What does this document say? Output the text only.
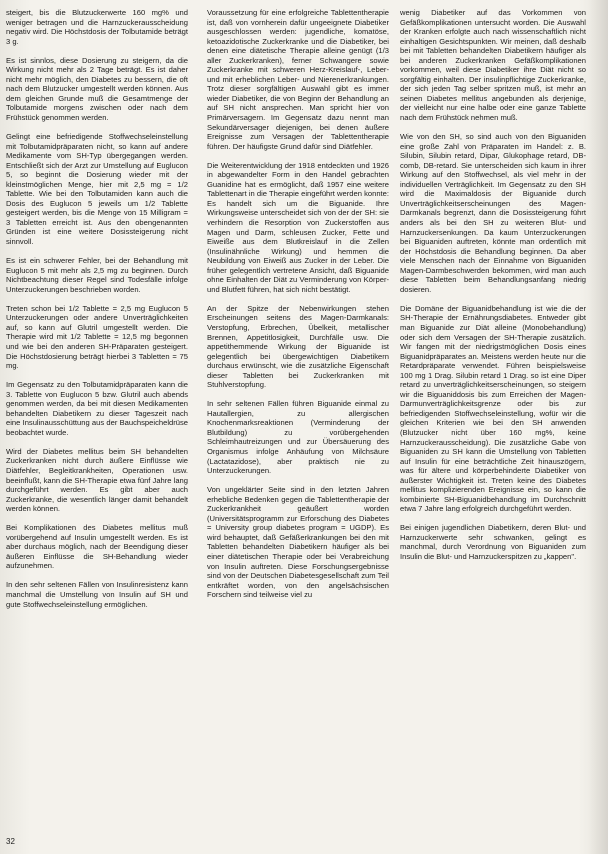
steigert, bis die Blutzuckerwerte 160 mg% und weniger betragen und die Harnzuckerausscheidung negativ wird. Die Höchstdosis der Tolbutamide beträgt 3 g.

Es ist sinnlos, diese Dosierung zu steigern, da die Wirkung nicht mehr als 2 Tage beträgt. Es ist daher nicht mehr möglich, den Diabetes zu bessern, die oft nach dem Blutzucker umgestellt werden können. Aus dem gleichen Grunde muß die Gesamtmenge der Tolbutamide morgens zwischen oder nach dem Frühstück genommen werden.

Gelingt eine befriedigende Stoffwechseleinstellung mit Tolbutamidpräparaten nicht, so kann auf andere Medikamente vom SH-Typ übergegangen werden. Entschließt sich der Arzt zur Umstellung auf Euglucon 5, so beginnt die Dosierung wieder mit der kleinstmöglichen Menge, hier mit 2,5 mg = 1/2 Tablette. Wie bei den Tolbutamiden kann auch die Dosis des Euglucon 5 jeweils um 1/2 Tablette gesteigert werden, bis die Menge von 15 Milligram = 3 Tabletten erreicht ist. Aus den obengenannten Gründen ist eine weitere Dosissteigerung nicht sinnvoll.

Es ist ein schwerer Fehler, bei der Behandlung mit Euglucon 5 mit mehr als 2,5 mg zu beginnen. Durch Nichtbeachtung dieser Regel sind Todesfälle infolge Unterzuckerungen beschrieben worden.

Treten schon bei 1/2 Tablette = 2,5 mg Euglucon 5 Unterzuckerungen oder andere Unverträglichkeiten auf, so kann auf Glutril umgestellt werden. Die Therapie wird mit 1/2 Tablette = 12,5 mg begonnen und wie bei den anderen SH-Präparaten gesteigert. Die Höchstdosierung beträgt hierbei 3 Tabletten = 75 mg.

Im Gegensatz zu den Tolbutamidpräparaten kann die 3. Tablette von Euglucon 5 bzw. Glutril auch abends genommen werden, da bei mit diesen Medikamenten behandelten Diabetikern zu dieser Tageszeit nach eine Insulinausschüttung aus der Bauchspeicheldrüse beobachtet wurde.

Wird der Diabetes mellitus beim SH behandelten Zuckerkranken nicht durch äußere Einflüsse wie Diätfehler, Begleitkrankheiten, Operationen usw. beeinflußt, kann die SH-Therapie etwa fünf Jahre lang durchgeführt werden. Es gibt aber auch Zuckerkranke, die wesentlich länger damit behandelt werden können.

Bei Komplikationen des Diabetes mellitus muß vorübergehend auf Insulin umgestellt werden. Es ist aber durchaus möglich, nach der Beendigung dieser äußeren Einflüsse die SH-Behandlung wieder aufzunehmen.

In den sehr seltenen Fällen von Insulinresistenz kann manchmal die Umstellung von Insulin auf SH und gute Stoffwechseleinstellung ermöglichen.

Voraussetzung für eine erfolgreiche Tablettentherapie ist, daß von vornherein dafür ungeeignete Diabetiker ausgeschlossen werden: jugendliche, komatöse, ketoazidotische Zuckerkranke und die Diabetiker, bei denen eine diätetische Therapie alleine genügt (1/3 aller Zuckerkranken), ferner Schwangere sowie Zuckerkranke mit schweren Herz-Kreislauf-, Leber- und mit erheblichen Leber- und Nierenerkrankungen. Trotz dieser sorgfältigen Auswahl gibt es immer wieder Diabetiker, die von Beginn der Behandlung an auf SH nicht ansprechen. Man spricht hier von Primärversagern. Im Gegensatz dazu nennt man Sekundärversager diejenigen, bei denen äußere Ereignisse zum Versagen der Tablettentherapie führen. Der häufigste Grund dafür sind Diätfehler.

Die Weiterentwicklung der 1918 entdeckten und 1926 in abgewandelter Form in den Handel gebrachten Guanidine hat es ermöglicht, daß 1957 eine weitere Tablettenart in die Therapie eingeführt werden konnte: Es handelt sich um die Biguanide. Ihre Wirkungsweise unterscheidet sich von der der SH: sie verhindern die Resorption von Zuckerstoffen aus Magen und Darm, schleusen Zucker, Fette und Eiweiße aus dem Blutkreislauf in die Zellen (Insulinähnliche Wirkung) und hemmen die Neubildung von Eiweiß aus Zucker in der Leber. Die früher gelegentlich vertretene Ansicht, daß Biguanide ohne Einhalten der Diät zu Verminderung von Körper- und Blutfett führen, hat sich nicht bestätigt.

An der Spitze der Nebenwirkungen stehen Erscheinungen seitens des Magen-Darmkanals: Verstopfung, Erbrechen, Übelkeit, metallischer Brennen, Appetitlosigkeit, Durchfälle usw. Die appetithemmende Wirkung der Biguanide ist gelegentlich bei übergewichtigen Diabetikern durchaus erwünscht, wie die zusätzliche Eigenschaft dieser Tabletten bei Zuckerkranken mit Stuhlverstopfung.

In sehr seltenen Fällen führen Biguanide einmal zu Hautallergien, zu allergischen Knochenmarksreaktionen (Verminderung der Blutbildung) zu vorübergehenden Schleimhautreizungen und zur Übersäuerung des Organismus infolge Anhäufung von Milchsäure (Lactatazidose), aber praktisch nie zu Unterzuckerungen.

Von ungeklärter Seite sind in den letzten Jahren erhebliche Bedenken gegen die Tablettentherapie der Zuckerkrankheit geäußert worden (Universitätsprogramm zur Erforschung des Diabetes = University group diabetes program = UGDP). Es wird behauptet, daß Gefäßerkrankungen bei den mit Tabletten behandelten Diabetikern häufiger als bei einer diätetischen Therapie oder bei Verabreichung von Insulin auftreten. Diese Forschungsergebnisse sind von der Deutschen Diabetesgesellschaft zum Teil entkräftet worden, von den angelsächsischen Forschern sind teilweise viel zu

wenig Diabetiker auf das Vorkommen von Gefäßkomplikationen untersucht worden. Die Auswahl der Kranken erfolgte auch nach wissenschaftlich nicht einhaltigen Gesichtspunkten. Wir meinen, daß deshalb bei mit Tabletten behandelten Diabetikern häufiger als bei anderen Zuckerkranken Gefäßkomplikationen vorkommen, weil diese Diabetiker ihre Diät nicht so sorgfältig einhalten. Der insulinpflichtige Zuckerkranke, der sich jeden Tag selber spritzen muß, ist mehr an seinen Diabetes mellitus angebunden als derjenige, der vielleicht nur eine halbe oder eine ganze Tablette nach dem Frühstück nehmen muß.

Wie von den SH, so sind auch von den Biguaniden eine große Zahl von Präparaten im Handel: z. B. Silubin, Silubin retard, Dipar, Glukophage retard, DB-comb, DB-retard. Sie unterscheiden sich kaum in ihrer Wirkung auf den Stoffwechsel, als viel mehr in der individuellen Verträglichkeit. Im Gegensatz zu den SH wird die Maximaldosis der Biguanide durch Unverträglichkeitserscheinungen des Magen-Darmkanals begrenzt, dann die Dosissteigerung führt anders als bei den SH zu weiteren Blut- und Harnzuckersenkungen. Da kaum Unterzuckerungen bei Biguaniden auftreten, könnte man ordentlich mit der Höchstdosis die Behandlung beginnen. Da aber viele Menschen nach der Einnahme von Biguaniden Magen-Darmbeschwerden bekommen, wird man auch diese Tabletten beim Behandlungsanfang niedrig dosieren.

Die Domäne der Biguanidbehandlung ist wie die der SH-Therapie der Ernährungsdiabetes. Entweder gibt man Biguanide zur Diät alleine (Monobehandlung) oder sich dem Versagen der SH-Therapie zusätzlich. Wir fangen mit der niedrigstmöglichen Dosis eines Biguanidpräparates an. Meistens werden heute nur die Retardpräparate verwendet. Führen beispielsweise 100 mg 1 Drag. Silubin retard 1 Drag. so ist eine Diper retard zu unverträglichkeitserscheinungen, so steigern wir die Biguaniddosis bis zum Erreichen der Magen-Darmunverträglichkeitsgrenze oder bis zur befriedigenden Stoffwechseleinstellung, wofür wir die gleichen Kriterien wie bei den SH anwenden (Blutzucker nicht über 160 mg%, keine Harnzuckerausscheidung). Die zusätzliche Gabe von Biguaniden zu SH kann die Umstellung von Tabletten auf Insulin für eine beträchtliche Zeit hinauszögern, was für ältere und körperbehinderte Diabetiker von äußerster Wichtigkeit ist. Treten keine des Diabetes mellitus komplizierenden Ereignisse ein, so kann die kombinierte SH-Biguanidbehandlung im Durchschnitt etwa 7 Jahre lang erfolgreich durchgeführt werden.

Bei einigen jugendlichen Diabetikern, deren Blut- und Harnzuckerwerte sehr schwanken, gelingt es manchmal, durch Verordnung von Biguaniden zum Insulin die Blut- und Harnzuckerspitzen zu „kappen".

32
